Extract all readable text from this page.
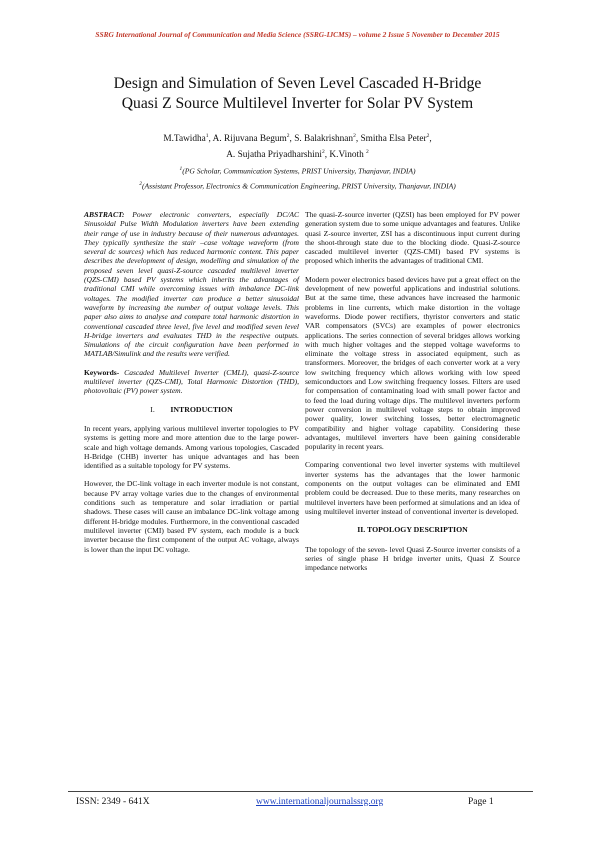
SSRG International Journal of Communication and Media Science (SSRG-IJCMS) – volume 2 Issue 5 November to December 2015
Design and Simulation of Seven Level Cascaded H-Bridge
Quasi Z Source Multilevel Inverter for Solar PV System
M.Tawidha$^1$, A. Rijuvana Begum$^2$, S. Balakrishnan$^2$, Smitha Elsa Peter$^2$,
A. Sujatha Priyadharshini$^2$, K.Vinoth $^2$
$^1$(PG Scholar, Communication Systems, PRIST University, Thanjavur, INDIA)
$^2$(Assistant Professor, Electronics & Communication Engineering, PRIST University, Thanjavur, INDIA)

ABSTRACT: Power electronic converters, especially DC/AC Sinusoidal Pulse Width Modulation inverters have been extending their range of use in industry because of their numerous advantages. They typically synthesize the stair –case voltage waveform (from several dc sources) which has reduced harmonic content. This paper describes the development of design, modelling and simulation of the proposed seven level quasi-Z-source cascaded multilevel inverter (QZS-CMI) based PV systems which inherits the advantages of traditional CMI while overcoming issues with imbalance DC-link voltages. The modified inverter can produce a better sinusoidal waveform by increasing the number of output voltage levels. This paper also aims to analyse and compare total harmonic distortion in conventional cascaded three level, five level and modified seven level H-bridge inverters and evaluates THD in the respective outputs. Simulations of the circuit configuration have been performed in MATLAB/Simulink and the results were verified.

Keywords- Cascaded Multilevel Inverter (CMLI), quasi-Z-source multilevel inverter (QZS-CMI), Total Harmonic Distortion (THD), photovoltaic (PV) power system.

I. INTRODUCTION

In recent years, applying various multilevel inverter topologies to PV systems is getting more and more attention due to the large power-scale and high voltage demands. Among various topologies, Cascaded H-Bridge (CHB) inverter has unique advantages and has been identified as a suitable topology for PV systems.

However, the DC-link voltage in each inverter module is not constant, because PV array voltage varies due to the changes of environmental conditions such as temperature and solar irradiation or partial shadows. These cases will cause an imbalance DC-link voltage among different H-bridge modules. Furthermore, in the conventional cascaded multilevel inverter (CMI) based PV system, each module is a buck inverter because the first component of the output AC voltage, always is lower than the input DC voltage.

The quasi-Z-source inverter (QZSI) has been employed for PV power generation system due to some unique advantages and features. Unlike quasi Z-source inverter, ZSI has a discontinuous input current during the shoot-through state due to the blocking diode. Quasi-Z-source cascaded multilevel inverter (QZS-CMI) based PV systems is proposed which inherits the advantages of traditional CMI.

Modern power electronics based devices have put a great effect on the development of new powerful applications and industrial solutions. But at the same time, these advances have increased the harmonic problems in line currents, which make distortion in the voltage waveforms. Diode power rectifiers, thyristor converters and static VAR compensators (SVCs) are examples of power electronics applications. The series connection of several bridges allows working with much higher voltages and the stepped voltage waveforms to eliminate the voltage stress in associated equipment, such as transformers. Moreover, the bridges of each converter work at a very low switching frequency which allows working with low speed semiconductors and Low switching frequency losses. Filters are used for compensation of contaminating load with small power factor and to feed the load during voltage dips. The multilevel inverters perform power conversion in multilevel voltage steps to obtain improved power quality, lower switching losses, better electromagnetic compatibility and higher voltage capability. Considering these advantages, multilevel inverters have been gaining considerable popularity in recent years.

Comparing conventional two level inverter systems with multilevel inverter systems has the advantages that the lower harmonic components on the output voltages can be eliminated and EMI problem could be decreased. Due to these merits, many researches on multilevel inverters have been performed at simulations and an idea of using multilevel inverter instead of conventional inverter is developed.

II. TOPOLOGY DESCRIPTION

The topology of the seven- level Quasi Z-Source inverter consists of a series of single phase H bridge inverter units, Quasi Z Source impedance networks

ISSN: 2349 - 641X	www.internationaljournalssrg.org	Page 1
